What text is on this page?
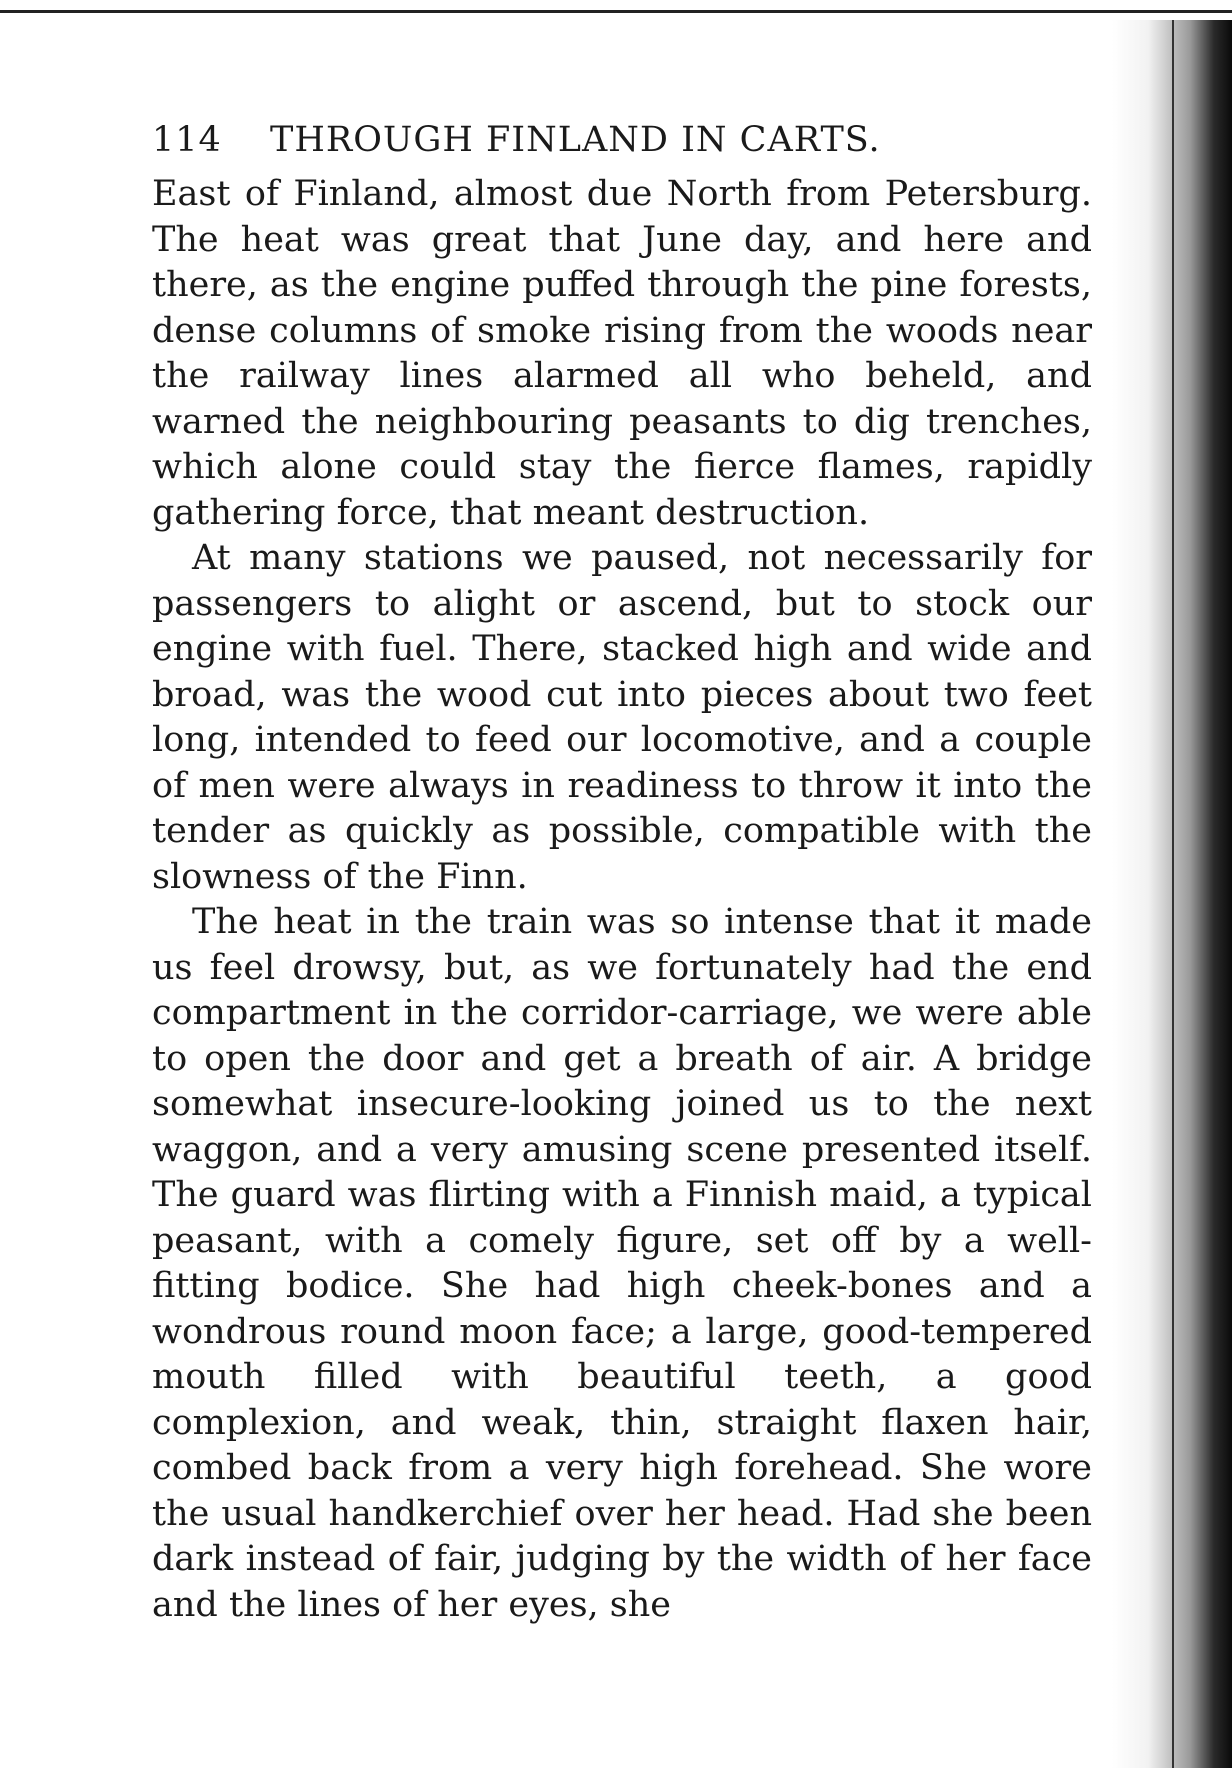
114	THROUGH FINLAND IN CARTS.

East of Finland, almost due North from Petersburg. The heat was great that June day, and here and there, as the engine puffed through the pine forests, dense columns of smoke rising from the woods near the railway lines alarmed all who beheld, and warned the neighbouring peasants to dig trenches, which alone could stay the fierce flames, rapidly gathering force, that meant destruction.

At many stations we paused, not necessarily for passengers to alight or ascend, but to stock our engine with fuel. There, stacked high and wide and broad, was the wood cut into pieces about two feet long, intended to feed our locomotive, and a couple of men were always in readiness to throw it into the tender as quickly as possible, compatible with the slowness of the Finn.

The heat in the train was so intense that it made us feel drowsy, but, as we fortunately had the end compartment in the corridor-carriage, we were able to open the door and get a breath of air. A bridge somewhat insecure-looking joined us to the next waggon, and a very amusing scene presented itself. The guard was flirting with a Finnish maid, a typical peasant, with a comely figure, set off by a well-fitting bodice. She had high cheek-bones and a wondrous round moon face; a large, good-tempered mouth filled with beautiful teeth, a good complexion, and weak, thin, straight flaxen hair, combed back from a very high forehead. She wore the usual handkerchief over her head. Had she been dark instead of fair, judging by the width of her face and the lines of her eyes, she
